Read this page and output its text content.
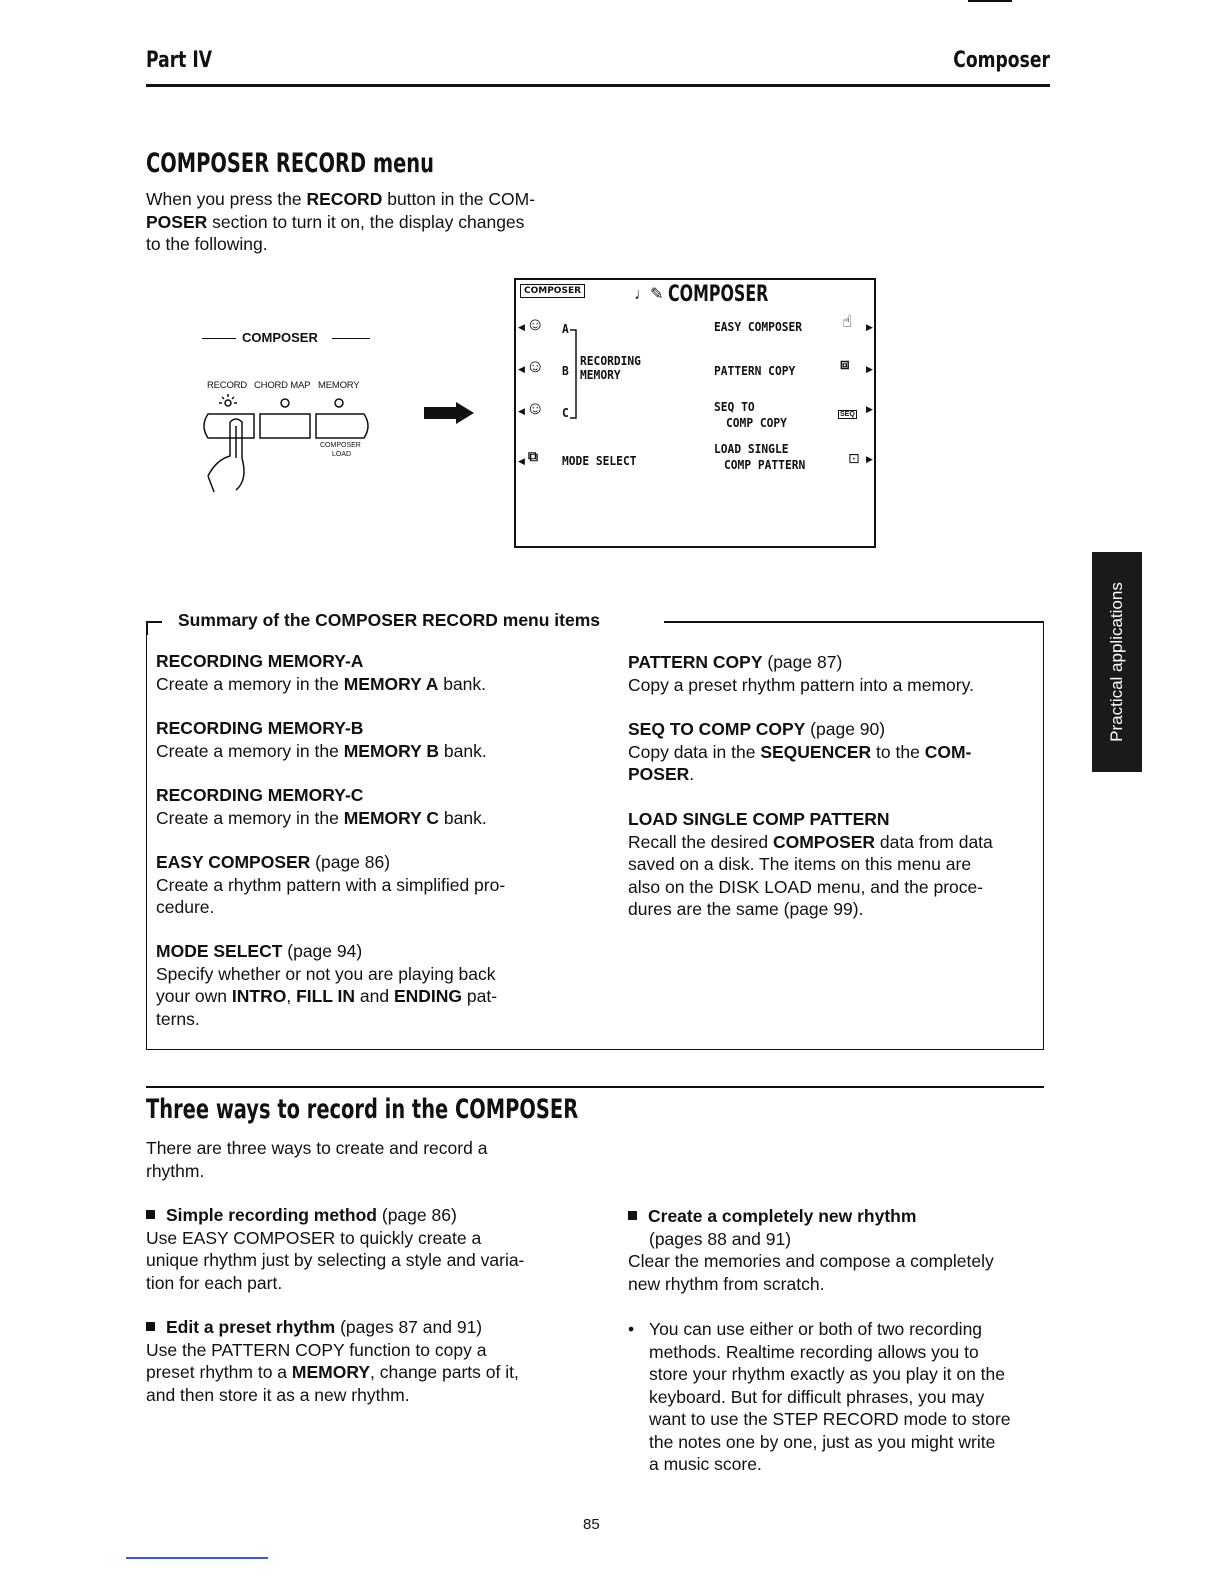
Part IV	Composer
COMPOSER RECORD menu
When you press the RECORD button in the COM-
POSER section to turn it on, the display changes
to the following.
COMPOSER
RECORD CHORD MAP MEMORY
COMPOSER
LOAD
COMPOSER	♩✎ COMPOSER
◀ ☺ A
◀ ☺ B
◀ ☺ C
RECORDING
MEMORY
◀ ⧉ MODE SELECT
EASY COMPOSER ☝ ▶
PATTERN COPY	⧈ ▶
SEQ TO
COMP COPY
SEQ
▶
LOAD SINGLE
COMP PATTERN	⊡ ▶
Practical applications
Summary of the COMPOSER RECORD menu items
RECORDING MEMORY-A
Create a memory in the MEMORY A bank.
RECORDING MEMORY-B
Create a memory in the MEMORY B bank.
RECORDING MEMORY-C
Create a memory in the MEMORY C bank.
EASY COMPOSER (page 86)
Create a rhythm pattern with a simplified pro-
cedure.
MODE SELECT (page 94)
Specify whether or not you are playing back
your own INTRO, FILL IN and ENDING pat-
terns.
PATTERN COPY (page 87)
Copy a preset rhythm pattern into a memory.
SEQ TO COMP COPY (page 90)
Copy data in the SEQUENCER to the COM-
POSER.
LOAD SINGLE COMP PATTERN
Recall the desired COMPOSER data from data
saved on a disk. The items on this menu are
also on the DISK LOAD menu, and the proce-
dures are the same (page 99).
Three ways to record in the COMPOSER
There are three ways to create and record a
rhythm.
Simple recording method (page 86)
Use EASY COMPOSER to quickly create a
unique rhythm just by selecting a style and varia-
tion for each part.
Edit a preset rhythm (pages 87 and 91)
Use the PATTERN COPY function to copy a
preset rhythm to a MEMORY, change parts of it,
and then store it as a new rhythm.
Create a completely new rhythm
(pages 88 and 91)
Clear the memories and compose a completely
new rhythm from scratch.
• You can use either or both of two recording
methods. Realtime recording allows you to
store your rhythm exactly as you play it on the
keyboard. But for difficult phrases, you may
want to use the STEP RECORD mode to store
the notes one by one, just as you might write
a music score.
85
